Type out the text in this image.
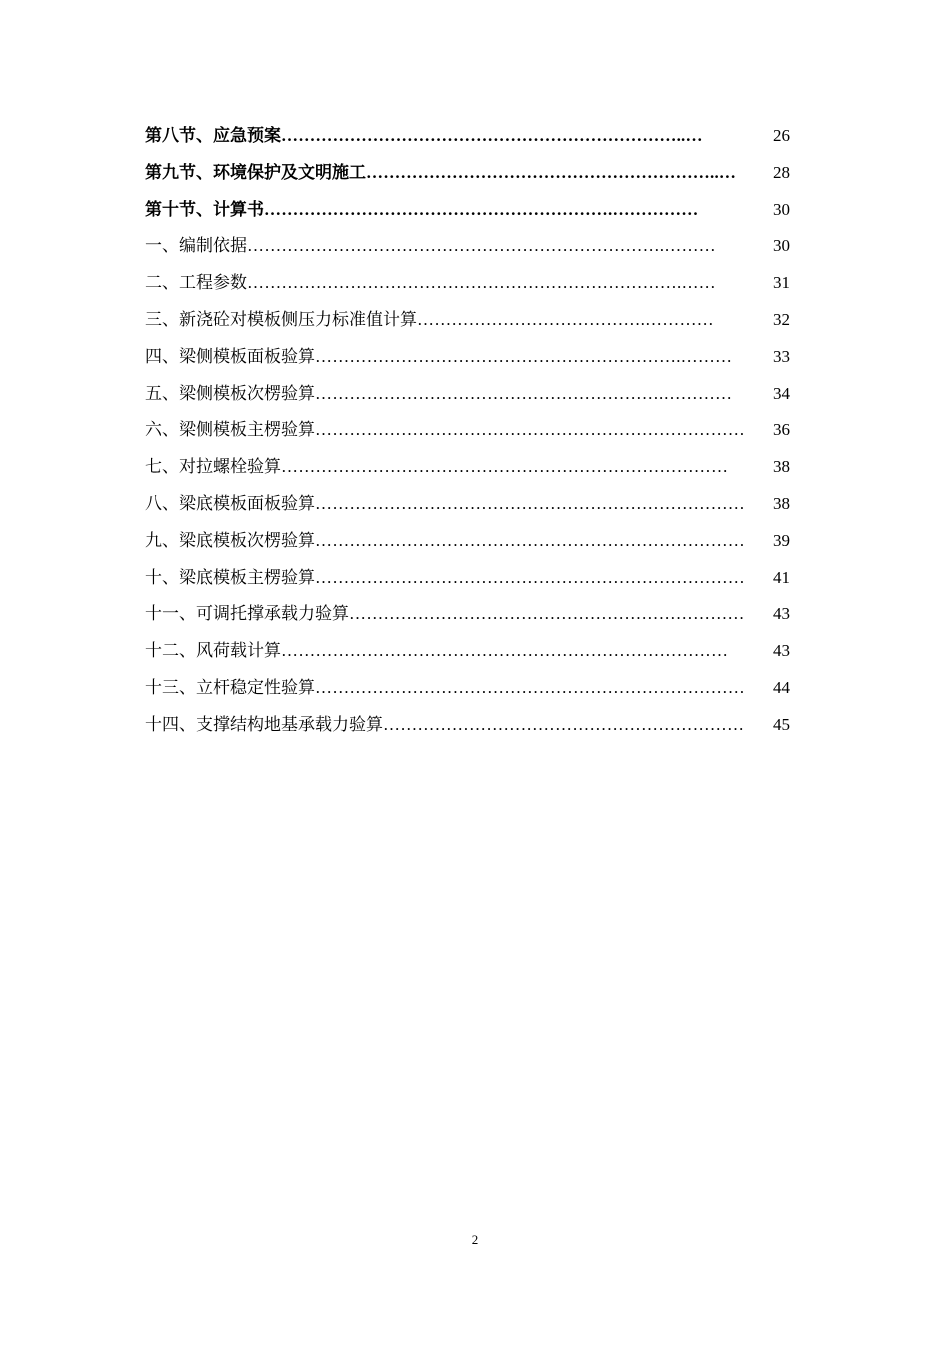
第八节、应急预案……………………………………………………………..…	26
第九节、环境保护及文明施工……………………………………………………..… 28
第十节、计算书…………………………………………………….……………	30
一、编制依据……………………………………………………………….………	30
二、工程参数………………………………………………………………….……	31
三、新浇砼对模板侧压力标准值计算………………………………….…………	32
四、梁侧模板面板验算……………………………………………………….……… 33
五、梁侧模板次楞验算…………………………………………………….………… 34
六、梁侧模板主楞验算………………………………………………………………… 36
七、对拉螺栓验算……………………………………………………………………	38
八、梁底模板面板验算………………………………………………………………… 38
九、梁底模板次楞验算………………………………………………………………… 39
十、梁底模板主楞验算………………………………………………………………… 41
十一、可调托撑承载力验算…………………………………………………………… 43
十二、风荷载计算……………………………………………………………………	43
十三、立杆稳定性验算………………………………………………………………… 44
十四、支撑结构地基承载力验算……………………………………………………… 45
2
